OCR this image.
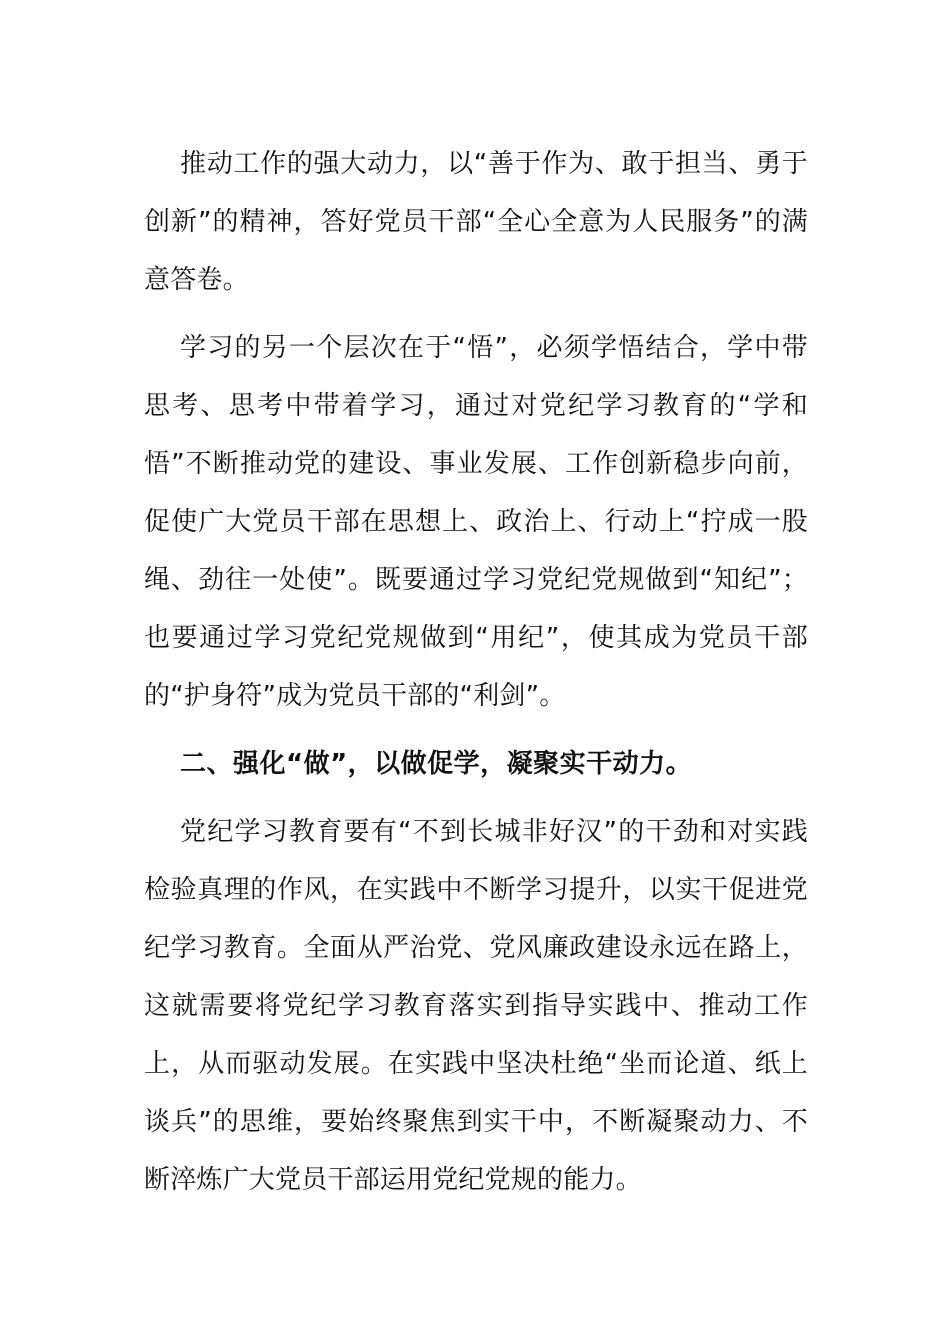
推动工作的强大动力，以“善于作为、敢于担当、勇于创新”的精神，答好党员干部“全心全意为人民服务”的满意答卷。

学习的另一个层次在于“悟”，必须学悟结合，学中带思考、思考中带着学习，通过对党纪学习教育的“学和悟”不断推动党的建设、事业发展、工作创新稳步向前，促使广大党员干部在思想上、政治上、行动上“拧成一股绳、劲往一处使”。既要通过学习党纪党规做到“知纪”；也要通过学习党纪党规做到“用纪”，使其成为党员干部的“护身符”成为党员干部的“利剑”。

二、强化“做”，以做促学，凝聚实干动力。

党纪学习教育要有“不到长城非好汉”的干劲和对实践检验真理的作风，在实践中不断学习提升，以实干促进党纪学习教育。全面从严治党、党风廉政建设永远在路上，这就需要将党纪学习教育落实到指导实践中、推动工作上，从而驱动发展。在实践中坚决杜绝“坐而论道、纸上谈兵”的思维，要始终聚焦到实干中，不断凝聚动力、不断淬炼广大党员干部运用党纪党规的能力。
